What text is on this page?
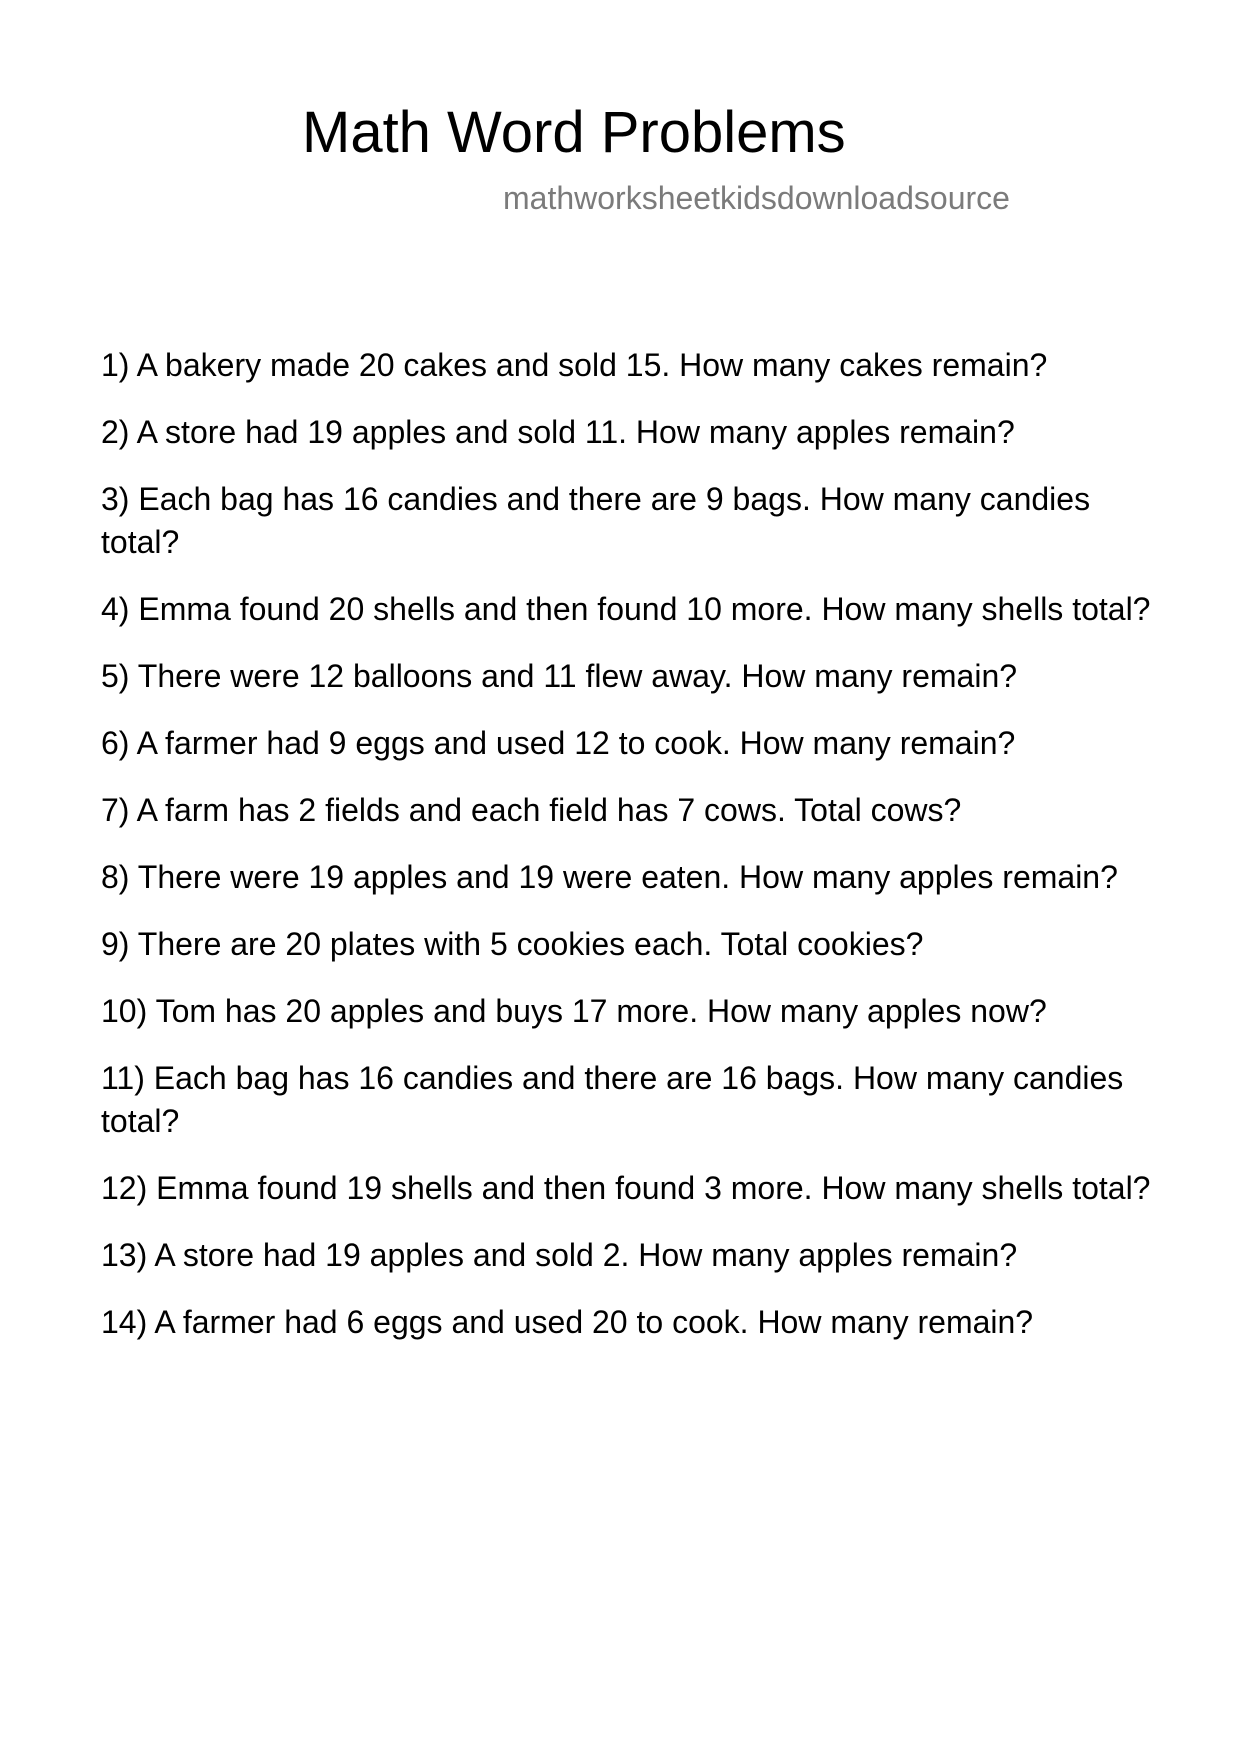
Math Word Problems
mathworksheetkidsdownloadsource
1) A bakery made 20 cakes and sold 15. How many cakes remain?
2) A store had 19 apples and sold 11. How many apples remain?
3) Each bag has 16 candies and there are 9 bags. How many candies total?
4) Emma found 20 shells and then found 10 more. How many shells total?
5) There were 12 balloons and 11 flew away. How many remain?
6) A farmer had 9 eggs and used 12 to cook. How many remain?
7) A farm has 2 fields and each field has 7 cows. Total cows?
8) There were 19 apples and 19 were eaten. How many apples remain?
9) There are 20 plates with 5 cookies each. Total cookies?
10) Tom has 20 apples and buys 17 more. How many apples now?
11) Each bag has 16 candies and there are 16 bags. How many candies total?
12) Emma found 19 shells and then found 3 more. How many shells total?
13) A store had 19 apples and sold 2. How many apples remain?
14) A farmer had 6 eggs and used 20 to cook. How many remain?
